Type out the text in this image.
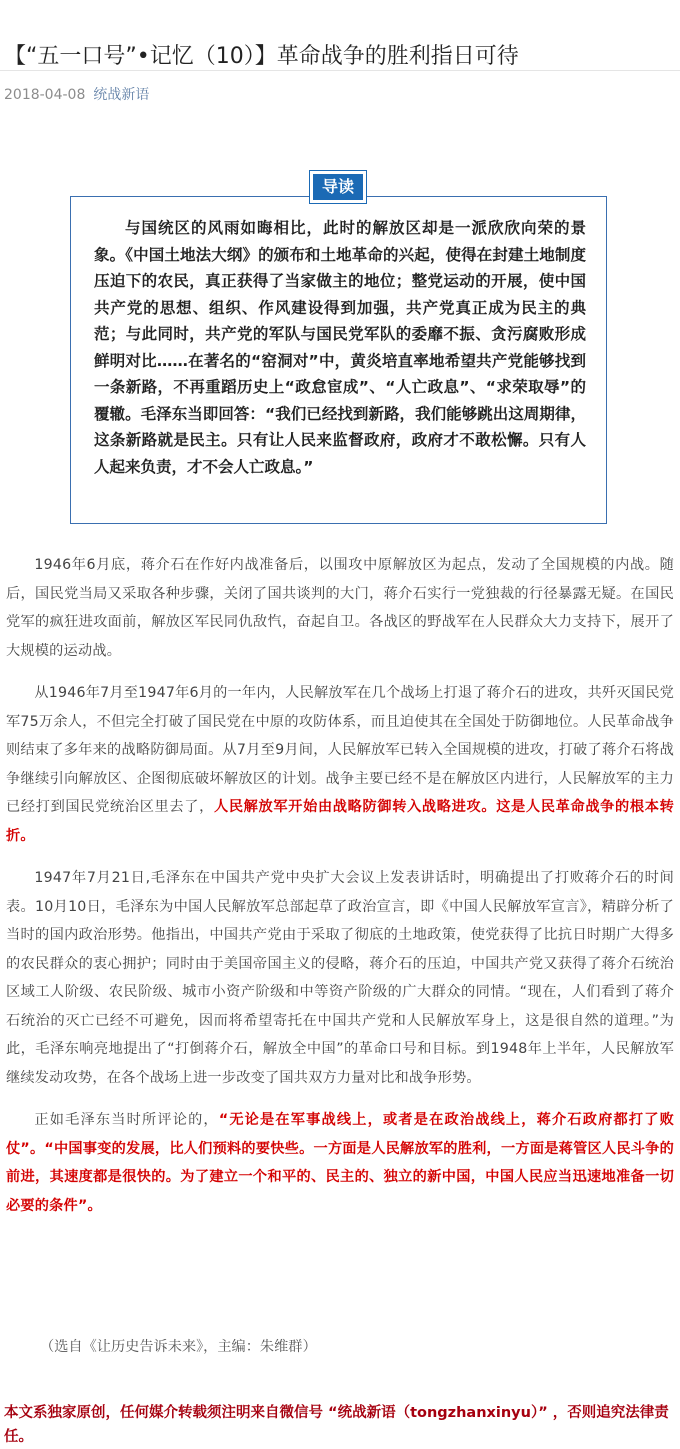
【“五一口号”•记忆（10）】革命战争的胜利指日可待
2018-04-08 统战新语

与国统区的风雨如晦相比，此时的解放区却是一派欣欣向荣的景象。《中国土地法大纲》的颁布和土地革命的兴起，使得在封建土地制度压迫下的农民，真正获得了当家做主的地位；整党运动的开展，使中国共产党的思想、组织、作风建设得到加强，共产党真正成为民主的典范；与此同时，共产党的军队与国民党军队的委靡不振、贪污腐败形成鲜明对比……在著名的“窑洞对”中，黄炎培直率地希望共产党能够找到一条新路，不再重蹈历史上“政怠宦成”、“人亡政息”、“求荣取辱”的覆辙。毛泽东当即回答：“我们已经找到新路，我们能够跳出这周期律，这条新路就是民主。只有让人民来监督政府，政府才不敢松懈。只有人人起来负责，才不会人亡政息。”

导读

1946年6月底，蒋介石在作好内战准备后，以围攻中原解放区为起点，发动了全国规模的内战。随后，国民党当局又采取各种步骤，关闭了国共谈判的大门，蒋介石实行一党独裁的行径暴露无疑。在国民党军的疯狂进攻面前，解放区军民同仇敌忾，奋起自卫。各战区的野战军在人民群众大力支持下，展开了大规模的运动战。

从1946年7月至1947年6月的一年内，人民解放军在几个战场上打退了蒋介石的进攻，共歼灭国民党军75万余人，不但完全打破了国民党在中原的攻防体系，而且迫使其在全国处于防御地位。人民革命战争则结束了多年来的战略防御局面。从7月至9月间，人民解放军已转入全国规模的进攻，打破了蒋介石将战争继续引向解放区、企图彻底破坏解放区的计划。战争主要已经不是在解放区内进行，人民解放军的主力已经打到国民党统治区里去了，人民解放军开始由战略防御转入战略进攻。这是人民革命战争的根本转折。

1947年7月21日,毛泽东在中国共产党中央扩大会议上发表讲话时，明确提出了打败蒋介石的时间表。10月10日，毛泽东为中国人民解放军总部起草了政治宣言，即《中国人民解放军宣言》，精辟分析了当时的国内政治形势。他指出，中国共产党由于采取了彻底的土地政策，使党获得了比抗日时期广大得多的农民群众的衷心拥护；同时由于美国帝国主义的侵略，蒋介石的压迫，中国共产党又获得了蒋介石统治区域工人阶级、农民阶级、城市小资产阶级和中等资产阶级的广大群众的同情。“现在，人们看到了蒋介石统治的灭亡已经不可避免，因而将希望寄托在中国共产党和人民解放军身上，这是很自然的道理。”为此，毛泽东响亮地提出了“打倒蒋介石，解放全中国”的革命口号和目标。到1948年上半年，人民解放军继续发动攻势，在各个战场上进一步改变了国共双方力量对比和战争形势。

正如毛泽东当时所评论的，“无论是在军事战线上，或者是在政治战线上，蒋介石政府都打了败仗”。“中国事变的发展，比人们预料的要快些。一方面是人民解放军的胜利，一方面是蒋管区人民斗争的前进，其速度都是很快的。为了建立一个和平的、民主的、独立的新中国，中国人民应当迅速地准备一切必要的条件”。

（选自《让历史告诉未来》，主编：朱维群）
本文系独家原创，任何媒介转载须注明来自微信号 “统战新语（tongzhanxinyu）” ，否则追究法律责任。
